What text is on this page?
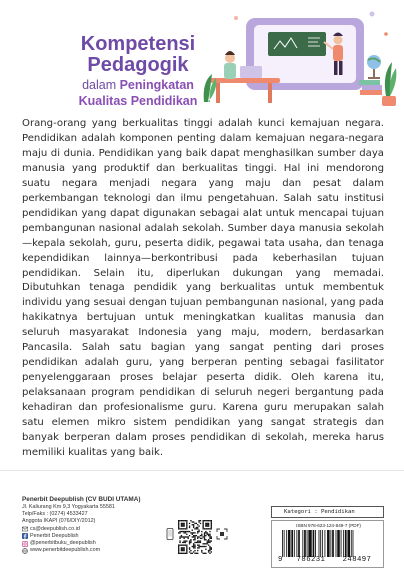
Kompetensi
Pedagogik
dalam Peningkatan
Kualitas Pendidikan

Orang-orang yang berkualitas tinggi adalah kunci kemajuan negara. Pendidikan adalah komponen penting dalam kemajuan negara-negara maju di dunia. Pendidikan yang baik dapat menghasilkan sumber daya manusia yang produktif dan berkualitas tinggi. Hal ini mendorong suatu negara menjadi negara yang maju dan pesat dalam perkembangan teknologi dan ilmu pengetahuan. Salah satu institusi pendidikan yang dapat digunakan sebagai alat untuk mencapai tujuan pembangunan nasional adalah sekolah. Sumber daya manusia sekolah—kepala sekolah, guru, peserta didik, pegawai tata usaha, dan tenaga kependidikan lainnya—berkontribusi pada keberhasilan tujuan pendidikan. Selain itu, diperlukan dukungan yang memadai. Dibutuhkan tenaga pendidik yang berkualitas untuk membentuk individu yang sesuai dengan tujuan pembangunan nasional, yang pada hakikatnya bertujuan untuk meningkatkan kualitas manusia dan seluruh masyarakat Indonesia yang maju, modern, berdasarkan Pancasila. Salah satu bagian yang sangat penting dari proses pendidikan adalah guru, yang berperan penting sebagai fasilitator penyelenggaraan proses belajar peserta didik. Oleh karena itu, pelaksanaan program pendidikan di seluruh negeri bergantung pada kehadiran dan profesionalisme guru. Karena guru merupakan salah satu elemen mikro sistem pendidikan yang sangat strategis dan banyak berperan dalam proses pendidikan di sekolah, mereka harus memiliki kualitas yang baik.

Penerbit Deepublish (CV BUDI UTAMA)
Jl. Kaliurang Km 9,3 Yogyakarta 55581
Telp/Faks : (0274) 4533427
Anggota IKAPI (076/DIY/2012)
cs@deepublish.co.id
Penerbit Deepublish
@penerbitbuku_deepublish
www.penerbitdeepublish.com
Kategori : Pendidikan
ISBN 978-623-124-849-7 (PDF)
9	786231	248497
